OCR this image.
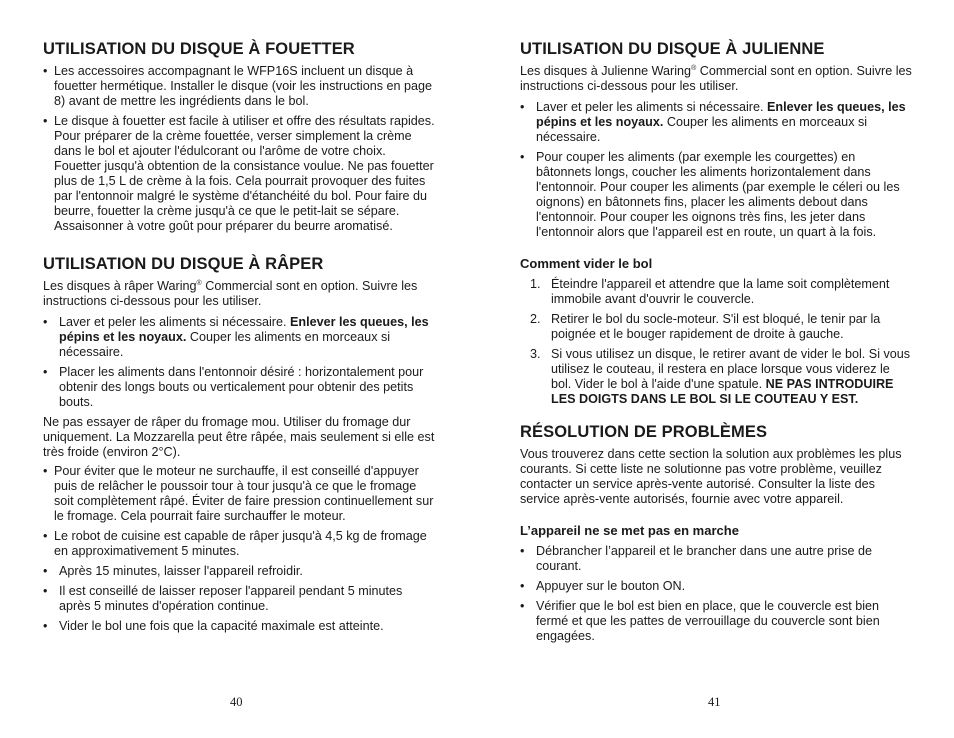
UTILISATION DU DISQUE À FOUETTER
• Les accessoires accompagnant le WFP16S incluent un disque à fouetter hermétique. Installer le disque (voir les instructions en page 8) avant de mettre les ingrédients dans le bol.
• Le disque à fouetter est facile à utiliser et offre des résultats rapides. Pour préparer de la crème fouettée, verser simplement la crème dans le bol et ajouter l'édulcorant ou l'arôme de votre choix. Fouetter jusqu'à obtention de la consistance voulue. Ne pas fouetter plus de 1,5 L de crème à la fois. Cela pourrait provoquer des fuites par l'entonnoir malgré le système d'étanchéité du bol. Pour faire du beurre, fouetter la crème jusqu'à ce que le petit-lait se sépare. Assaisonner à votre goût pour préparer du beurre aromatisé.
UTILISATION DU DISQUE À RÂPER

Les disques à râper Waring® Commercial sont en option. Suivre les instructions ci-dessous pour les utiliser.

• Laver et peler les aliments si nécessaire. Enlever les queues, les pépins et les noyaux. Couper les aliments en morceaux si nécessaire.
• Placer les aliments dans l'entonnoir désiré : horizontalement pour obtenir des longs bouts ou verticalement pour obtenir des petits bouts.

Ne pas essayer de râper du fromage mou. Utiliser du fromage dur uniquement. La Mozzarella peut être râpée, mais seulement si elle est très froide (environ 2°C).

• Pour éviter que le moteur ne surchauffe, il est conseillé d'appuyer puis de relâcher le poussoir tour à tour jusqu'à ce que le fromage soit complètement râpé. Éviter de faire pression continuellement sur le fromage. Cela pourrait faire surchauffer le moteur.
• Le robot de cuisine est capable de râper jusqu'à 4,5 kg de fromage en approximativement 5 minutes.
• Après 15 minutes, laisser l'appareil refroidir.
• Il est conseillé de laisser reposer l'appareil pendant 5 minutes après 5 minutes d'opération continue.
• Vider le bol une fois que la capacité maximale est atteinte.
40
UTILISATION DU DISQUE À JULIENNE

Les disques à Julienne Waring® Commercial sont en option. Suivre les instructions ci-dessous pour les utiliser.

• Laver et peler les aliments si nécessaire. Enlever les queues, les pépins et les noyaux. Couper les aliments en morceaux si nécessaire.
• Pour couper les aliments (par exemple les courgettes) en bâtonnets longs, coucher les aliments horizontalement dans l'entonnoir. Pour couper les aliments (par exemple le céleri ou les oignons) en bâtonnets fins, placer les aliments debout dans l'entonnoir. Pour couper les oignons très fins, les jeter dans l'entonnoir alors que l'appareil est en route, un quart à la fois.
Comment vider le bol
1. Éteindre l'appareil et attendre que la lame soit complètement immobile avant d'ouvrir le couvercle.
2. Retirer le bol du socle-moteur. S'il est bloqué, le tenir par la poignée et le bouger rapidement de droite à gauche.
3. Si vous utilisez un disque, le retirer avant de vider le bol. Si vous utilisez le couteau, il restera en place lorsque vous viderez le bol. Vider le bol à l'aide d'une spatule. NE PAS INTRODUIRE LES DOIGTS DANS LE BOL SI LE COUTEAU Y EST.
RÉSOLUTION DE PROBLÈMES

Vous trouverez dans cette section la solution aux problèmes les plus courants. Si cette liste ne solutionne pas votre problème, veuillez contacter un service après-vente autorisé. Consulter la liste des service après-vente autorisés, fournie avec votre appareil.

L’appareil ne se met pas en marche
• Débrancher l’appareil et le brancher dans une autre prise de courant.
• Appuyer sur le bouton ON.
• Vérifier que le bol est bien en place, que le couvercle est bien fermé et que les pattes de verrouillage du couvercle sont bien engagées.
41
